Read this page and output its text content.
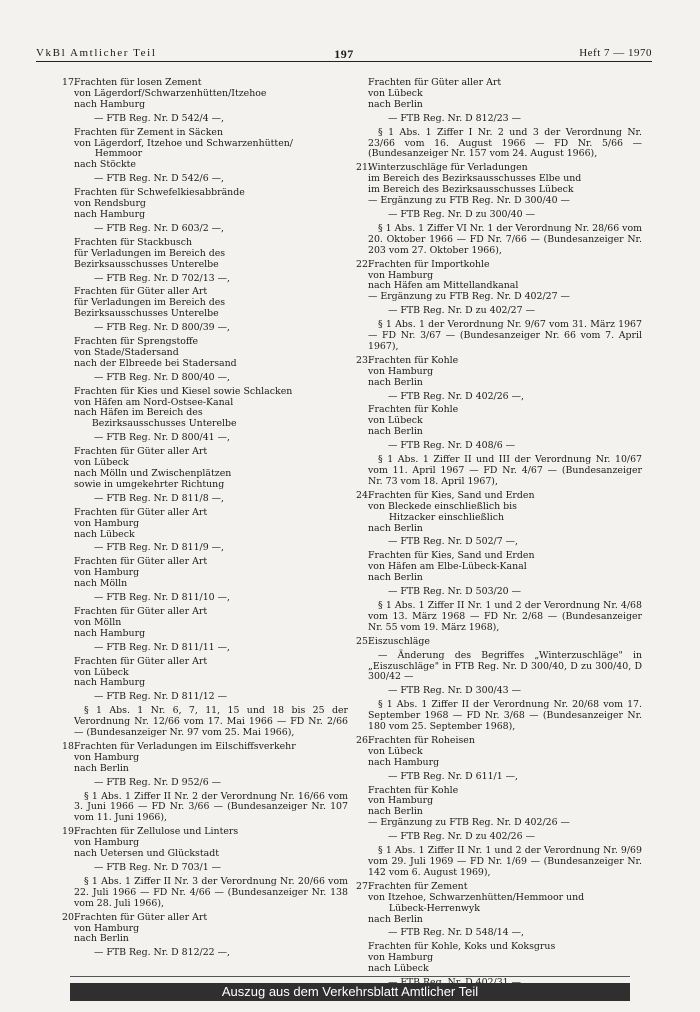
VkBl Amtlicher Teil	197	Heft 7 — 1970
17.Frachten für losen Zement
von Lägerdorf/Schwarzenhütten/Itzehoe
nach Hamburg
— FTB Reg. Nr. D 542/4 —,
Frachten für Zement in Säcken
von Lägerdorf, Itzehoe und Schwarzenhütten/
Hemmoor
nach Stöckte
— FTB Reg. Nr. D 542/6 —,
Frachten für Schwefelkiesabbrände
von Rendsburg
nach Hamburg
— FTB Reg. Nr. D 603/2 —,
Frachten für Stackbusch
für Verladungen im Bereich des
Bezirksausschusses Unterelbe
— FTB Reg. Nr. D 702/13 —,
Frachten für Güter aller Art
für Verladungen im Bereich des
Bezirksausschusses Unterelbe
— FTB Reg. Nr. D 800/39 —,
Frachten für Sprengstoffe
von Stade/Stadersand
nach der Elbreede bei Stadersand
— FTB Reg. Nr. D 800/40 —,
Frachten für Kies und Kiesel sowie Schlacken
von Häfen am Nord-Ostsee-Kanal
nach Häfen im Bereich des
Bezirksausschusses Unterelbe
— FTB Reg. Nr. D 800/41 —,
Frachten für Güter aller Art
von Lübeck
nach Mölln und Zwischenplätzen
sowie in umgekehrter Richtung
— FTB Reg. Nr. D 811/8 —,
Frachten für Güter aller Art
von Hamburg
nach Lübeck
— FTB Reg. Nr. D 811/9 —,
Frachten für Güter aller Art
von Hamburg
nach Mölln
— FTB Reg. Nr. D 811/10 —,
Frachten für Güter aller Art
von Mölln
nach Hamburg
— FTB Reg. Nr. D 811/11 —,
Frachten für Güter aller Art
von Lübeck
nach Hamburg
— FTB Reg. Nr. D 811/12 —
§ 1 Abs. 1 Nr. 6, 7, 11, 15 und 18 bis 25 der Verordnung Nr. 12/66 vom 17. Mai 1966 — FD Nr. 2/66 — (Bundesanzeiger Nr. 97 vom 25. Mai 1966),
18.Frachten für Verladungen im Eilschiffsverkehr
von Hamburg
nach Berlin
— FTB Reg. Nr. D 952/6 —
§ 1 Abs. 1 Ziffer II Nr. 2 der Verordnung Nr. 16/66 vom 3. Juni 1966 — FD Nr. 3/66 — (Bundesanzeiger Nr. 107 vom 11. Juni 1966),
19.Frachten für Zellulose und Linters
von Hamburg
nach Uetersen und Glückstadt
— FTB Reg. Nr. D 703/1 —
§ 1 Abs. 1 Ziffer II Nr. 3 der Verordnung Nr. 20/66 vom 22. Juli 1966 — FD Nr. 4/66 — (Bundesanzeiger Nr. 138 vom 28. Juli 1966),
20.Frachten für Güter aller Art
von Hamburg
nach Berlin
— FTB Reg. Nr. D 812/22 —,
Frachten für Güter aller Art
von Lübeck
nach Berlin
— FTB Reg. Nr. D 812/23 —
§ 1 Abs. 1 Ziffer I Nr. 2 und 3 der Verordnung Nr. 23/66 vom 16. August 1966 — FD Nr. 5/66 — (Bundesanzeiger Nr. 157 vom 24. August 1966),
21.Winterzuschläge für Verladungen
im Bereich des Bezirksausschusses Elbe und
im Bereich des Bezirksausschusses Lübeck
— Ergänzung zu FTB Reg. Nr. D 300/40 —
— FTB Reg. Nr. D zu 300/40 —
§ 1 Abs. 1 Ziffer VI Nr. 1 der Verordnung Nr. 28/66 vom 20. Oktober 1966 — FD Nr. 7/66 — (Bundesanzeiger Nr. 203 vom 27. Oktober 1966),
22.Frachten für Importkohle
von Hamburg
nach Häfen am Mittellandkanal
— Ergänzung zu FTB Reg. Nr. D 402/27 —
— FTB Reg. Nr. D zu 402/27 —
§ 1 Abs. 1 der Verordnung Nr. 9/67 vom 31. März 1967 — FD Nr. 3/67 — (Bundesanzeiger Nr. 66 vom 7. April 1967),
23.Frachten für Kohle
von Hamburg
nach Berlin
— FTB Reg. Nr. D 402/26 —,
Frachten für Kohle
von Lübeck
nach Berlin
— FTB Reg. Nr. D 408/6 —
§ 1 Abs. 1 Ziffer II und III der Verordnung Nr. 10/67 vom 11. April 1967 — FD Nr. 4/67 — (Bundesanzeiger Nr. 73 vom 18. April 1967),
24.Frachten für Kies, Sand und Erden
von Bleckede einschließlich bis
Hitzacker einschließlich
nach Berlin
— FTB Reg. Nr. D 502/7 —,
Frachten für Kies, Sand und Erden
von Häfen am Elbe-Lübeck-Kanal
nach Berlin
— FTB Reg. Nr. D 503/20 —
§ 1 Abs. 1 Ziffer II Nr. 1 und 2 der Verordnung Nr. 4/68 vom 13. März 1968 — FD Nr. 2/68 — (Bundesanzeiger Nr. 55 vom 19. März 1968),
25.Eiszuschläge
— Änderung des Begriffes „Winterzuschläge" in „Eiszuschläge" in FTB Reg. Nr. D 300/40, D zu 300/40, D 300/42 —
— FTB Reg. Nr. D 300/43 —
§ 1 Abs. 1 Ziffer II der Verordnung Nr. 20/68 vom 17. September 1968 — FD Nr. 3/68 — (Bundesanzeiger Nr. 180 vom 25. September 1968),
26.Frachten für Roheisen
von Lübeck
nach Hamburg
— FTB Reg. Nr. D 611/1 —,
Frachten für Kohle
von Hamburg
nach Berlin
— Ergänzung zu FTB Reg. Nr. D 402/26 —
— FTB Reg. Nr. D zu 402/26 —
§ 1 Abs. 1 Ziffer II Nr. 1 und 2 der Verordnung Nr. 9/69 vom 29. Juli 1969 — FD Nr. 1/69 — (Bundesanzeiger Nr. 142 vom 6. August 1969),
27.Frachten für Zement
von Itzehoe, Schwarzenhütten/Hemmoor und
Lübeck-Herrenwyk
nach Berlin
— FTB Reg. Nr. D 548/14 —,
Frachten für Kohle, Koks und Koksgrus
von Hamburg
nach Lübeck
Auszug aus dem Verkehrsblatt Amtlicher Teil
